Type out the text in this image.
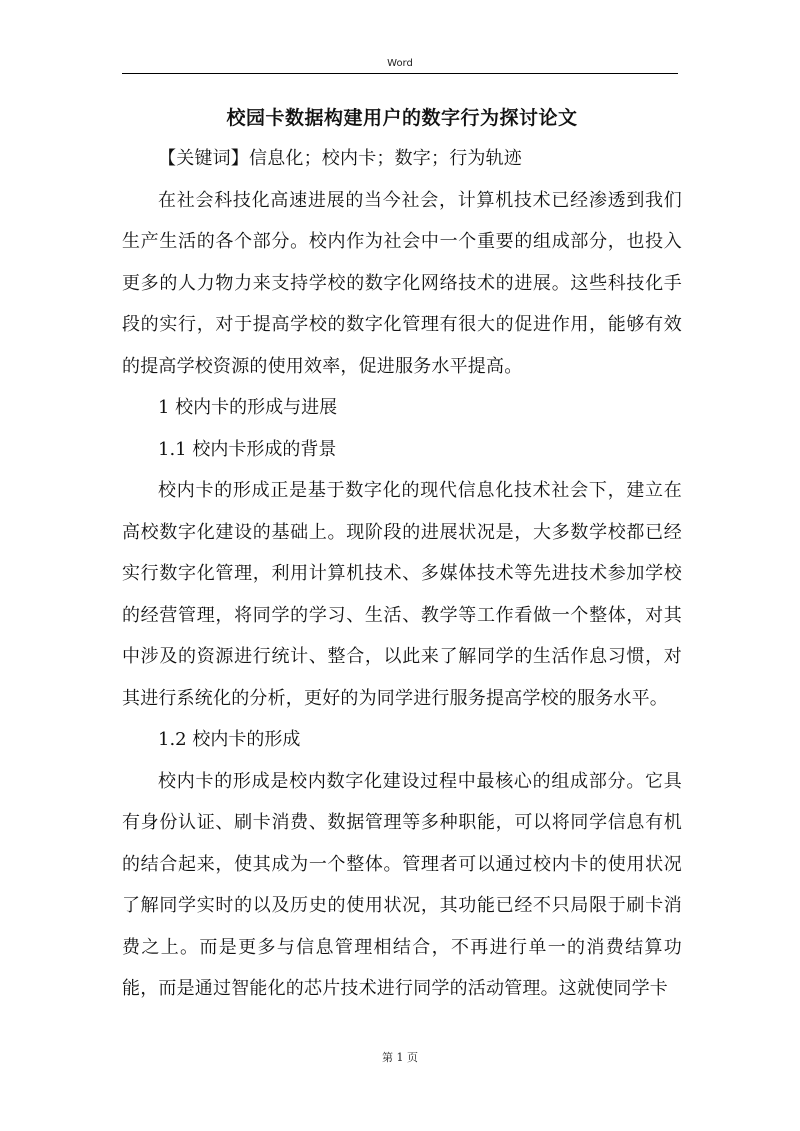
Word
校园卡数据构建用户的数字行为探讨论文

【关键词】信息化；校内卡；数字；行为轨迹

在社会科技化高速进展的当今社会，计算机技术已经渗透到我们生产生活的各个部分。校内作为社会中一个重要的组成部分，也投入更多的人力物力来支持学校的数字化网络技术的进展。这些科技化手段的实行，对于提高学校的数字化管理有很大的促进作用，能够有效的提高学校资源的使用效率，促进服务水平提高。

1 校内卡的形成与进展

1.1 校内卡形成的背景

校内卡的形成正是基于数字化的现代信息化技术社会下，建立在高校数字化建设的基础上。现阶段的进展状况是，大多数学校都已经实行数字化管理，利用计算机技术、多媒体技术等先进技术参加学校的经营管理，将同学的学习、生活、教学等工作看做一个整体，对其中涉及的资源进行统计、整合，以此来了解同学的生活作息习惯，对其进行系统化的分析，更好的为同学进行服务提高学校的服务水平。

1.2 校内卡的形成

校内卡的形成是校内数字化建设过程中最核心的组成部分。它具有身份认证、刷卡消费、数据管理等多种职能，可以将同学信息有机的结合起来，使其成为一个整体。管理者可以通过校内卡的使用状况了解同学实时的以及历史的使用状况，其功能已经不只局限于刷卡消费之上。而是更多与信息管理相结合，不再进行单一的消费结算功能，而是通过智能化的芯片技术进行同学的活动管理。这就使同学卡

第 1 页
